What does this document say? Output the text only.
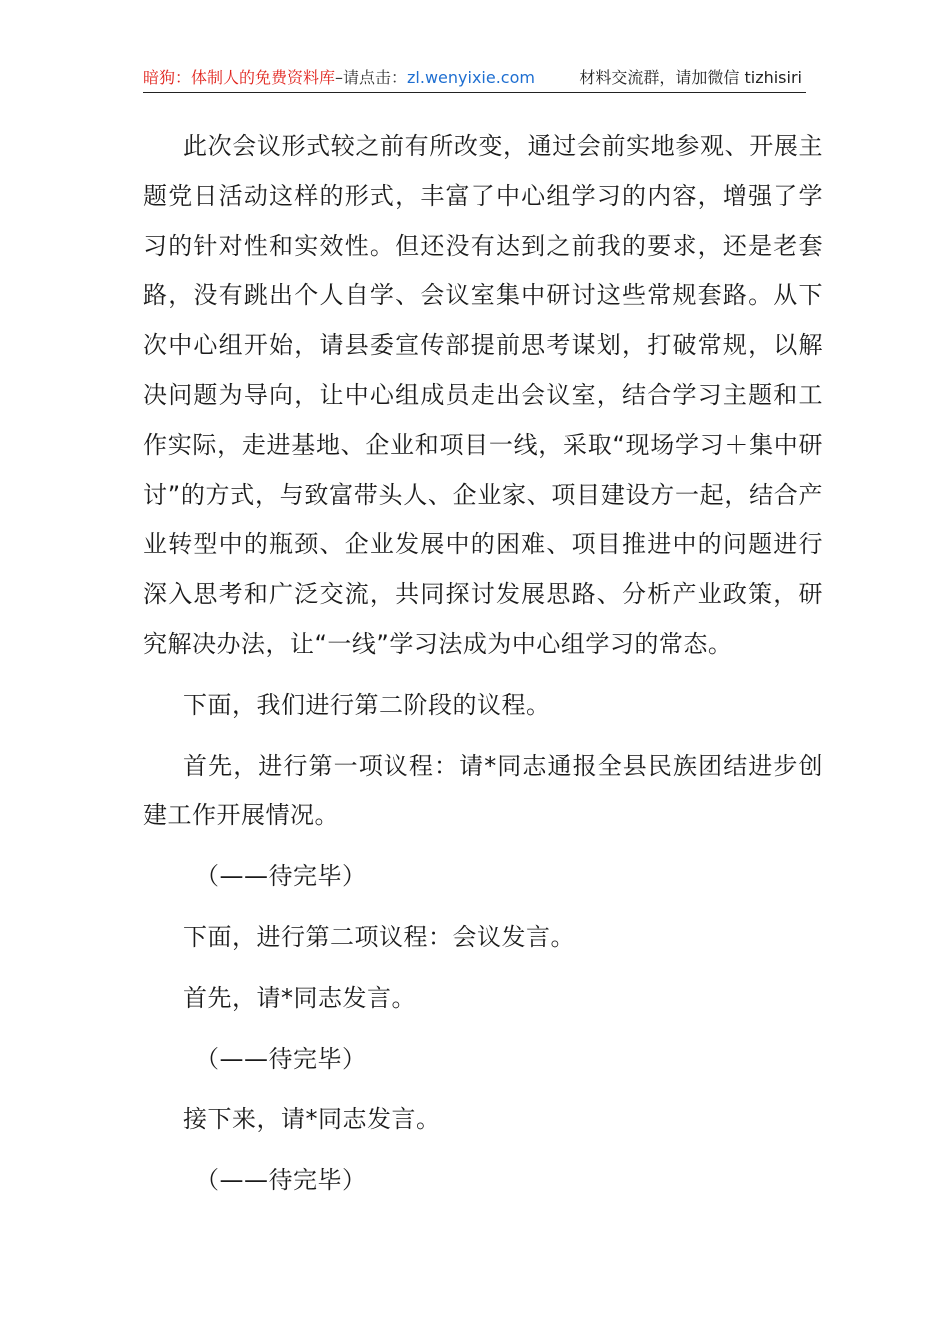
暗狗：体制人的免费资料库–请点击：zl.wenyixie.com	材料交流群，请加微信 tizhisiri

此次会议形式较之前有所改变，通过会前实地参观、开展主题党日活动这样的形式，丰富了中心组学习的内容，增强了学习的针对性和实效性。但还没有达到之前我的要求，还是老套路，没有跳出个人自学、会议室集中研讨这些常规套路。从下次中心组开始，请县委宣传部提前思考谋划，打破常规，以解决问题为导向，让中心组成员走出会议室，结合学习主题和工作实际，走进基地、企业和项目一线，采取“现场学习＋集中研讨”的方式，与致富带头人、企业家、项目建设方一起，结合产业转型中的瓶颈、企业发展中的困难、项目推进中的问题进行深入思考和广泛交流，共同探讨发展思路、分析产业政策，研究解决办法，让“一线”学习法成为中心组学习的常态。

下面，我们进行第二阶段的议程。

首先，进行第一项议程：请*同志通报全县民族团结进步创建工作开展情况。

（——待完毕）

下面，进行第二项议程：会议发言。

首先，请*同志发言。

（——待完毕）

接下来，请*同志发言。

（——待完毕）
